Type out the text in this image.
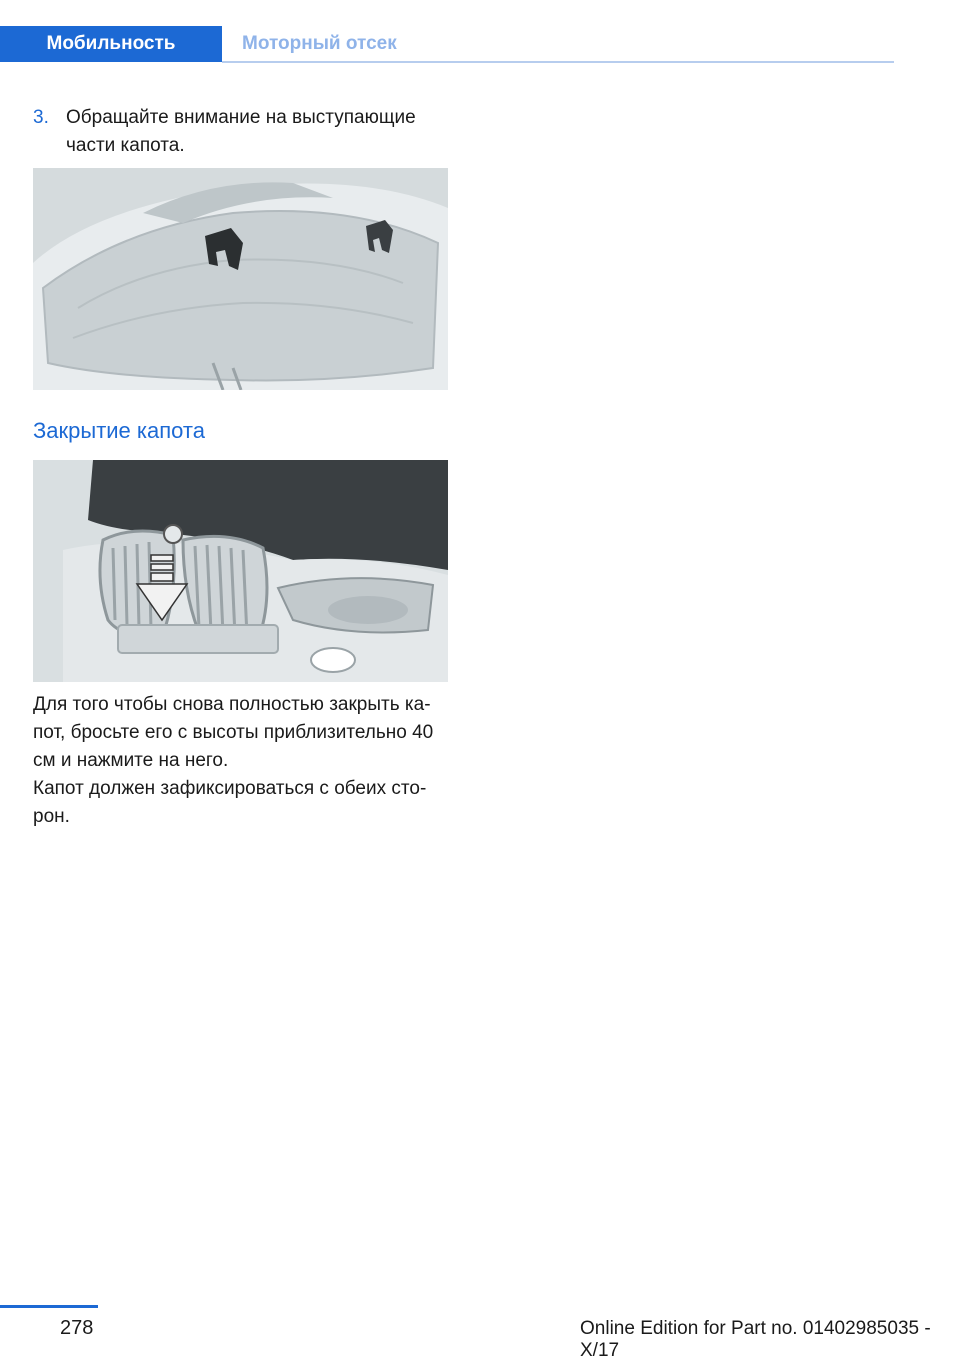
Мобильность	Моторный отсек
3. Обращайте внимание на выступающие части капота.
Закрытие капота

Для того чтобы снова полностью закрыть капот, бросьте его с высоты приблизительно 40 см и нажмите на него.

Капот должен зафиксироваться с обеих сторон.

278	Online Edition for Part no. 01402985035 - X/17
